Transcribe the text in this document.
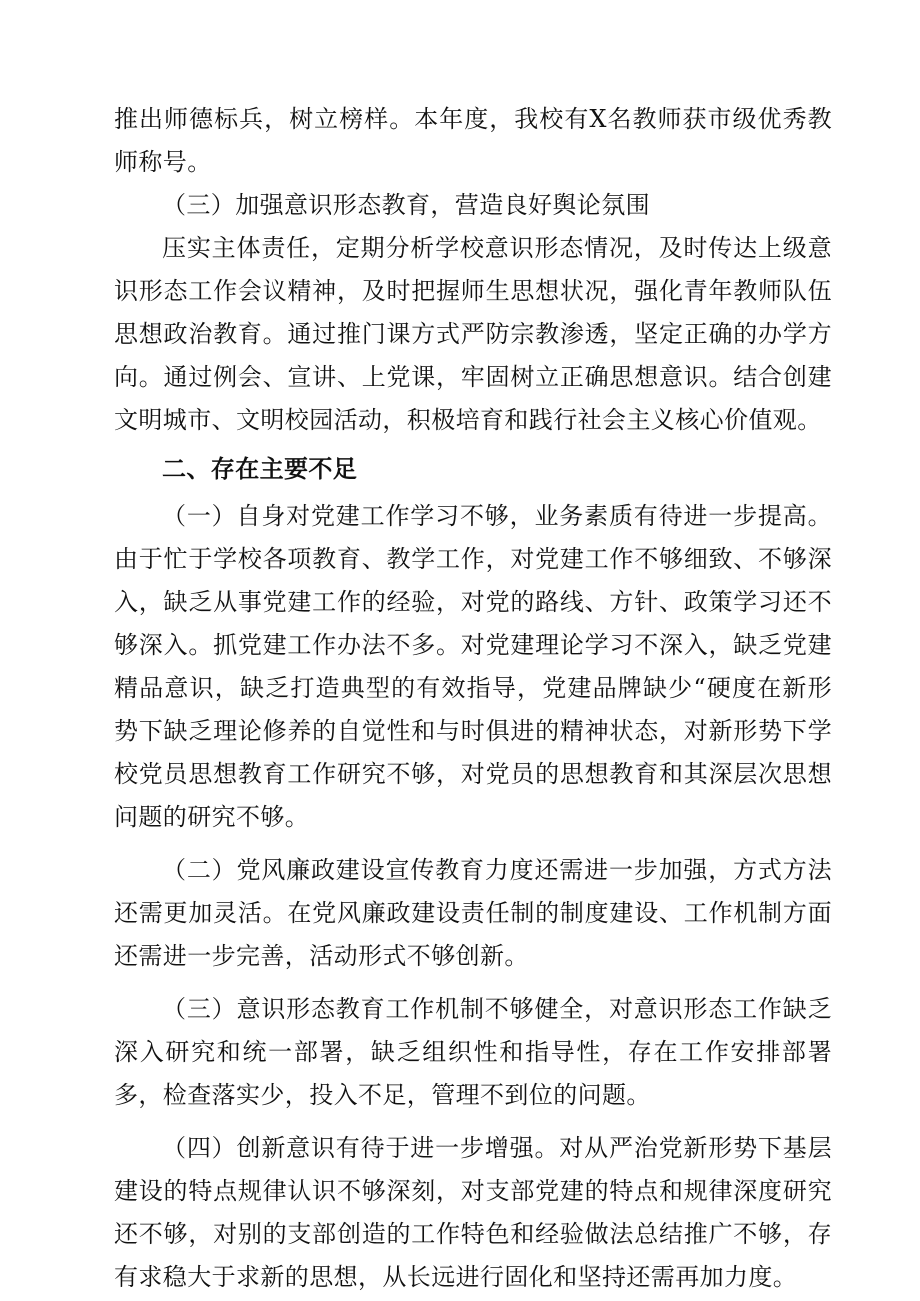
推出师德标兵，树立榜样。本年度，我校有X名教师获市级优秀教师称号。

（三）加强意识形态教育，营造良好舆论氛围

压实主体责任，定期分析学校意识形态情况，及时传达上级意识形态工作会议精神，及时把握师生思想状况，强化青年教师队伍思想政治教育。通过推门课方式严防宗教渗透，坚定正确的办学方向。通过例会、宣讲、上党课，牢固树立正确思想意识。结合创建文明城市、文明校园活动，积极培育和践行社会主义核心价值观。

二、存在主要不足

（一）自身对党建工作学习不够，业务素质有待进一步提高。由于忙于学校各项教育、教学工作，对党建工作不够细致、不够深入，缺乏从事党建工作的经验，对党的路线、方针、政策学习还不够深入。抓党建工作办法不多。对党建理论学习不深入，缺乏党建精品意识，缺乏打造典型的有效指导，党建品牌缺少“硬度在新形势下缺乏理论修养的自觉性和与时俱进的精神状态，对新形势下学校党员思想教育工作研究不够，对党员的思想教育和其深层次思想问题的研究不够。

（二）党风廉政建设宣传教育力度还需进一步加强，方式方法还需更加灵活。在党风廉政建设责任制的制度建设、工作机制方面还需进一步完善，活动形式不够创新。

（三）意识形态教育工作机制不够健全，对意识形态工作缺乏深入研究和统一部署，缺乏组织性和指导性，存在工作安排部署多，检查落实少，投入不足，管理不到位的问题。

（四）创新意识有待于进一步增强。对从严治党新形势下基层建设的特点规律认识不够深刻，对支部党建的特点和规律深度研究还不够，对别的支部创造的工作特色和经验做法总结推广不够，存有求稳大于求新的思想，从长远进行固化和坚持还需再加力度。
